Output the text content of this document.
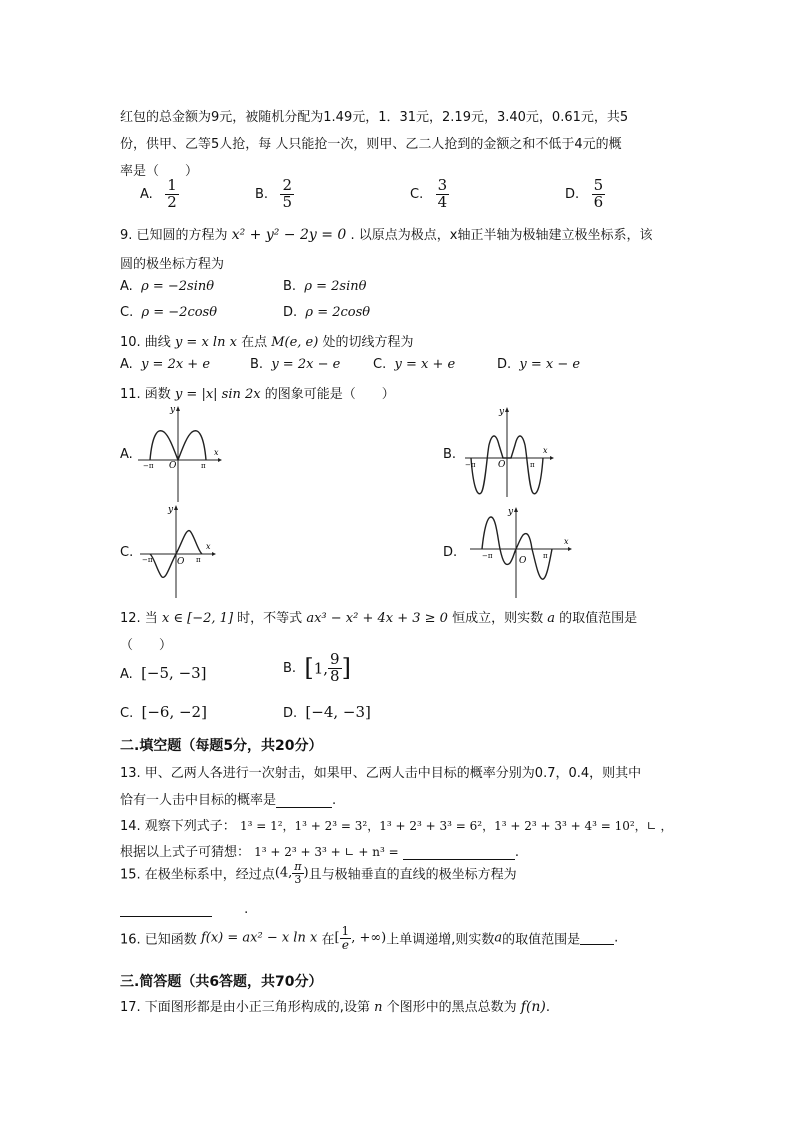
红包的总金额为9元，被随机分配为1.49元，1．31元，2.19元，3.40元，0.61元，共5
份，供甲、乙等5人抢，每 人只能抢一次，则甲、乙二人抢到的金额之和不低于4元的概
率是（　　）
A. $\frac{1}{2}$	B. $\frac{2}{5}$	C. $\frac{3}{4}$	D. $\frac{5}{6}$
9. 已知圆的方程为 x² + y² − 2y = 0 . 以原点为极点，x轴正半轴为极轴建立极坐标系，该
圆的极坐标方程为
A. ρ = −2sinθ	B. ρ = 2sinθ
C. ρ = −2cosθ	D. ρ = 2cosθ
10. 曲线 y = x ln x 在点 M(e, e) 处的切线方程为
A. y = 2x + e	B. y = 2x − e	C. y = x + e	D. y = x − e
11. 函数 y = |x| sin 2x 的图象可能是（　　）
A.	B.
C.	D.
y
x
O
−π	π
y
x
O
−π	π
y
x
O
−π	π
y
x
O
−π	π
12. 当 x ∈ [−2, 1] 时，不等式 ax³ − x² + 4x + 3 ≥ 0 恒成立，则实数 a 的取值范围是
（　　）
A. [−5, −3]	B. [1, $\frac{9}{8}$ ]
C. [−6, −2]	D. [−4, −3]
二.填空题（每题5分，共20分）
13. 甲、乙两人各进行一次射击，如果甲、乙两人击中目标的概率分别为0.7，0.4，则其中
恰有一人击中目标的概率是	.
14. 观察下列式子： 1³ = 1²，1³ + 2³ = 3²，1³ + 2³ + 3³ = 6²，1³ + 2³ + 3³ + 4³ = 10²，∟ ，
根据以上式子可猜想： 1³ + 2³ + 3³ + ∟ + n³ =	.
15. 在极坐标系中，经过点(4, $\frac{\pi}{3}$ )且与极轴垂直的直线的极坐标方程为
.
16. 已知函数 f(x) = ax² − x ln x 在[ $\frac{1}{e}$ , +∞)上单调递增,则实数a的取值范围是	.
三.简答题（共6答题，共70分）
17. 下面图形都是由小正三角形构成的,设第 n 个图形中的黑点总数为 f(n).
